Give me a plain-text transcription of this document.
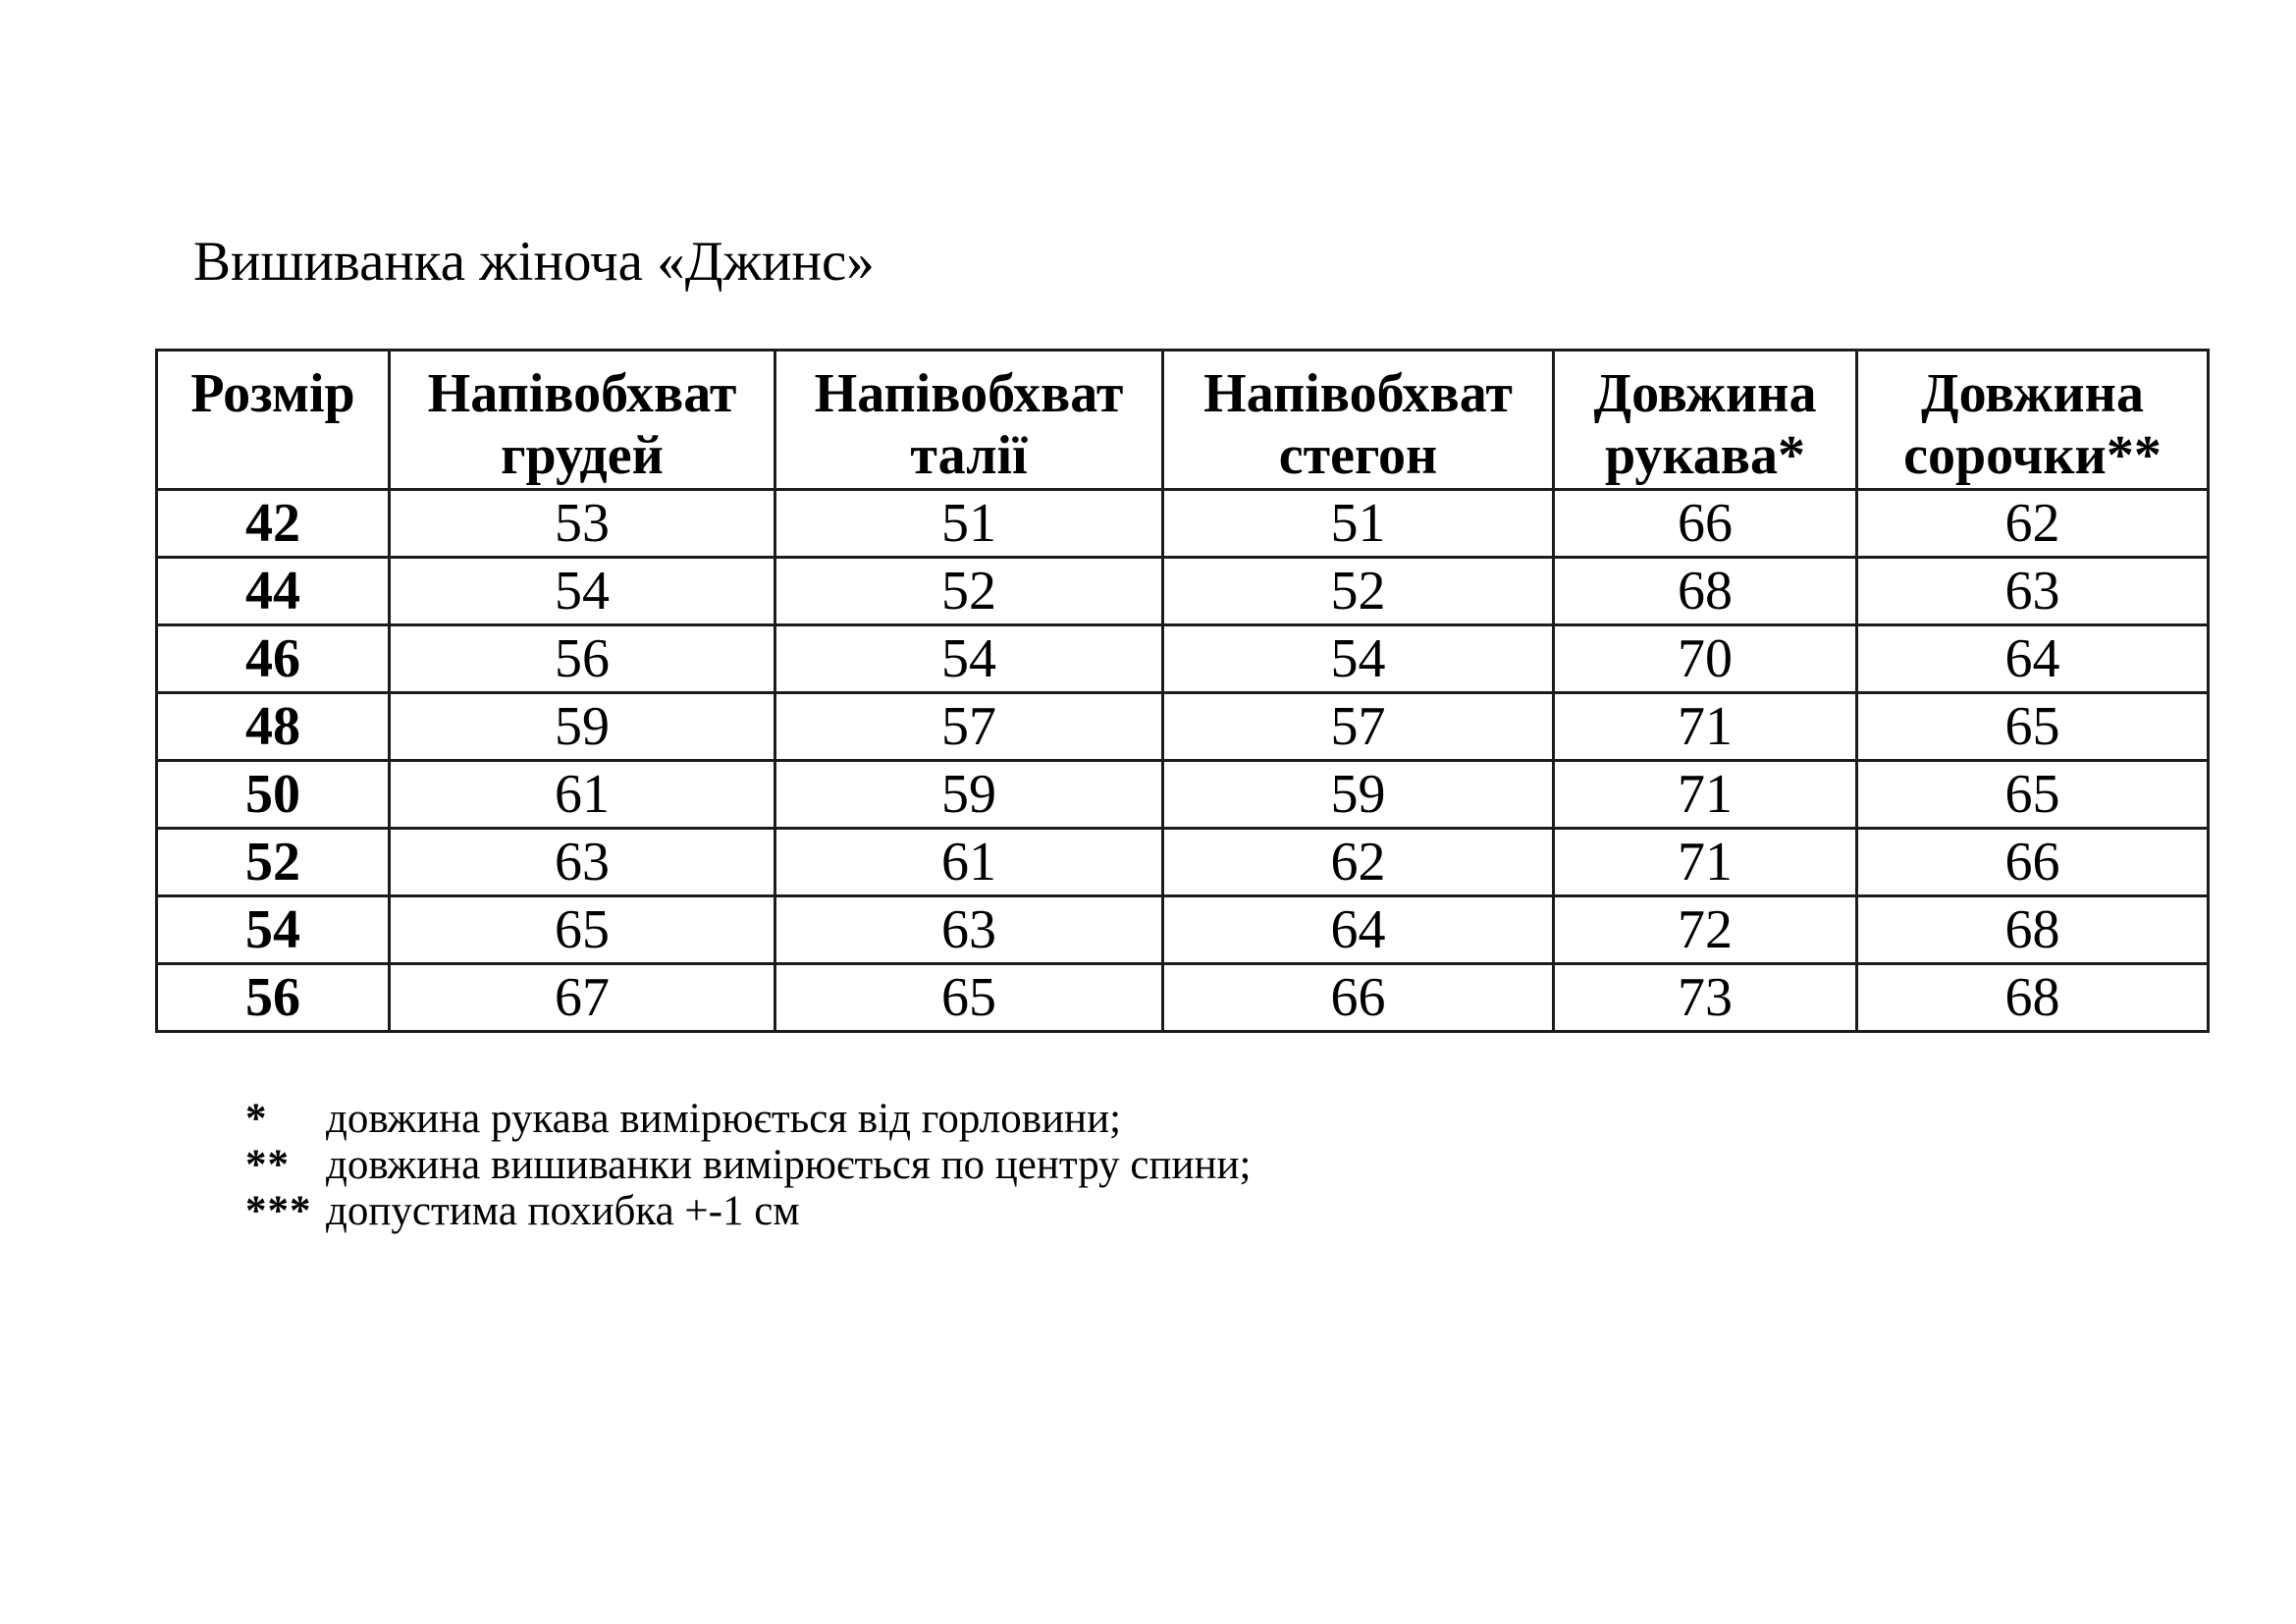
Вишиванка жіноча «Джинс»
Розмір	Напівобхват грудей	Напівобхват талії	Напівобхват стегон	Довжина рукава*	Довжина сорочки**
42	53	51	51	66	62
44	54	52	52	68	63
46	56	54	54	70	64
48	59	57	57	71	65
50	61	59	59	71	65
52	63	61	62	71	66
54	65	63	64	72	68
56	67	65	66	73	68
*	довжина рукава вимірюється від горловини;
** довжина вишиванки вимірюється по центру спини;
*** допустима похибка +-1 см
